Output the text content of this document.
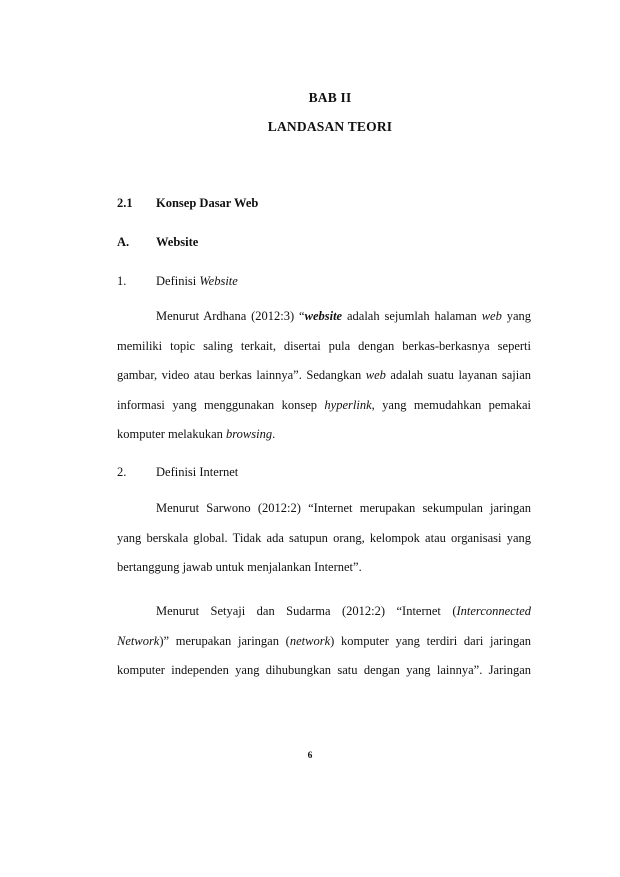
BAB II
LANDASAN TEORI
2.1 Konsep Dasar Web
A. Website
1. Definisi Website
Menurut Ardhana (2012:3) “website adalah sejumlah halaman web yang
memiliki topic saling terkait, disertai pula dengan berkas-berkasnya seperti
gambar, video atau berkas lainnya”. Sedangkan web adalah suatu layanan sajian
informasi yang menggunakan konsep hyperlink, yang memudahkan pemakai
komputer melakukan browsing.
2. Definisi Internet
Menurut Sarwono (2012:2) “Internet merupakan sekumpulan jaringan
yang berskala global. Tidak ada satupun orang, kelompok atau organisasi yang
bertanggung jawab untuk menjalankan Internet”.
Menurut Setyaji dan Sudarma (2012:2) “Internet (Interconnected
Network)” merupakan jaringan (network) komputer yang terdiri dari jaringan
komputer independen yang dihubungkan satu dengan yang lainnya”. Jaringan
6
